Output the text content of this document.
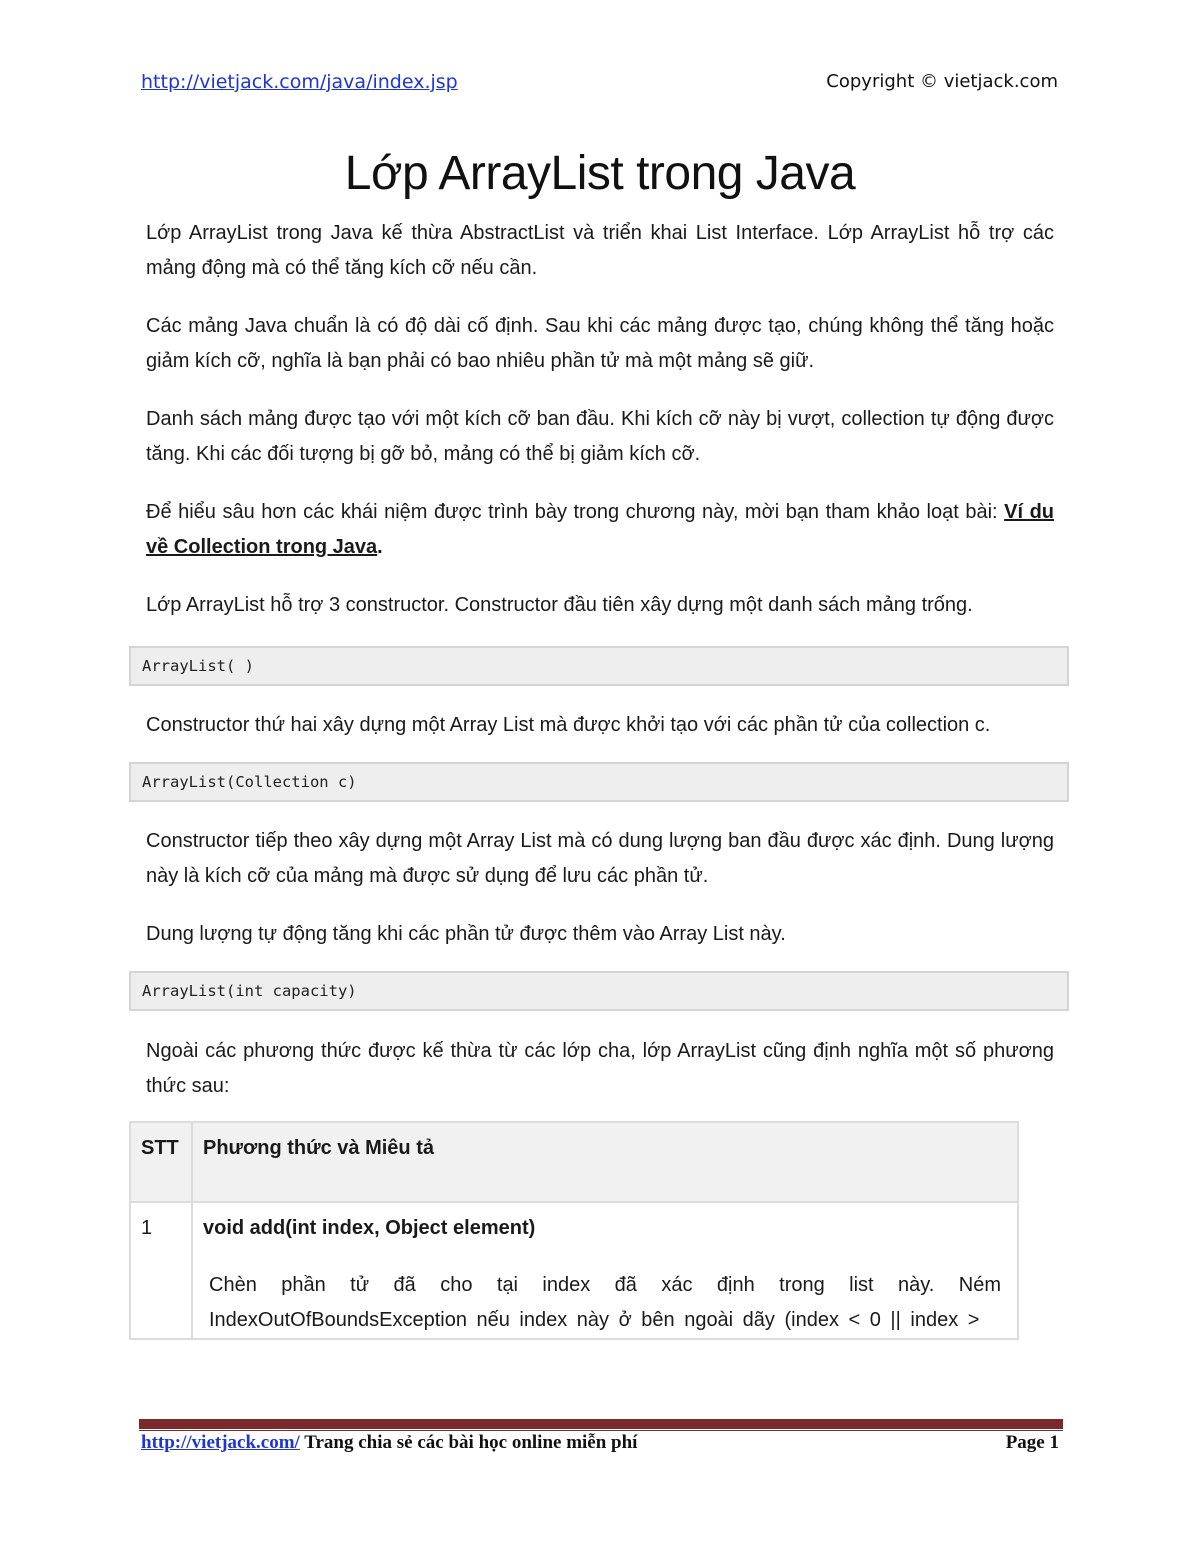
http://vietjack.com/java/index.jsp	Copyright © vietjack.com
Lớp ArrayList trong Java

Lớp ArrayList trong Java kế thừa AbstractList và triển khai List Interface. Lớp ArrayList hỗ trợ các mảng động mà có thể tăng kích cỡ nếu cần.

Các mảng Java chuẩn là có độ dài cố định. Sau khi các mảng được tạo, chúng không thể tăng hoặc giảm kích cỡ, nghĩa là bạn phải có bao nhiêu phần tử mà một mảng sẽ giữ.

Danh sách mảng được tạo với một kích cỡ ban đầu. Khi kích cỡ này bị vượt, collection tự động được tăng. Khi các đối tượng bị gỡ bỏ, mảng có thể bị giảm kích cỡ.

Để hiểu sâu hơn các khái niệm được trình bày trong chương này, mời bạn tham khảo loạt bài: Ví du về Collection trong Java.

Lớp ArrayList hỗ trợ 3 constructor. Constructor đầu tiên xây dựng một danh sách mảng trống.

ArrayList( )

Constructor thứ hai xây dựng một Array List mà được khởi tạo với các phần tử của collection c.

ArrayList(Collection c)

Constructor tiếp theo xây dựng một Array List mà có dung lượng ban đầu được xác định. Dung lượng này là kích cỡ của mảng mà được sử dụng để lưu các phần tử.

Dung lượng tự động tăng khi các phần tử được thêm vào Array List này.

ArrayList(int capacity)

Ngoài các phương thức được kế thừa từ các lớp cha, lớp ArrayList cũng định nghĩa một số phương thức sau:

STT	Phương thức và Miêu tả
1	void add(int index, Object element)
Chèn phần tử đã cho tại index đã xác định trong list này. Ném IndexOutOfBoundsException nếu index này ở bên ngoài dãy (index < 0 || index >
http://vietjack.com/ Trang chia sẻ các bài học online miễn phí	Page 1
